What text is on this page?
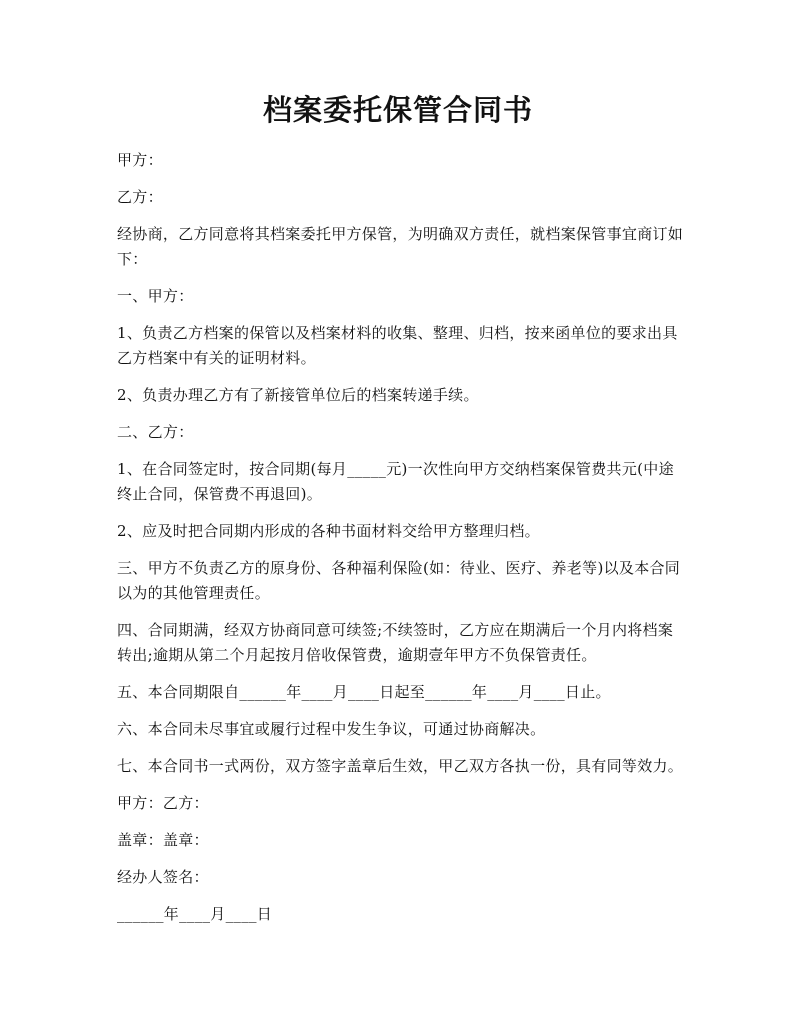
档案委托保管合同书

甲方：

乙方：

经协商，乙方同意将其档案委托甲方保管，为明确双方责任，就档案保管事宜商订如下：

一、甲方：

1、负责乙方档案的保管以及档案材料的收集、整理、归档，按来函单位的要求出具乙方档案中有关的证明材料。

2、负责办理乙方有了新接管单位后的档案转递手续。

二、乙方：

1、在合同签定时，按合同期(每月_____元)一次性向甲方交纳档案保管费共元(中途终止合同，保管费不再退回)。

2、应及时把合同期内形成的各种书面材料交给甲方整理归档。

三、甲方不负责乙方的原身份、各种福利保险(如：待业、医疗、养老等)以及本合同以为的其他管理责任。

四、合同期满，经双方协商同意可续签;不续签时，乙方应在期满后一个月内将档案转出;逾期从第二个月起按月倍收保管费，逾期壹年甲方不负保管责任。

五、本合同期限自______年____月____日起至______年____月____日止。

六、本合同未尽事宜或履行过程中发生争议，可通过协商解决。

七、本合同书一式两份，双方签字盖章后生效，甲乙双方各执一份，具有同等效力。

甲方：乙方：

盖章：盖章：

经办人签名：

______年____月____日
